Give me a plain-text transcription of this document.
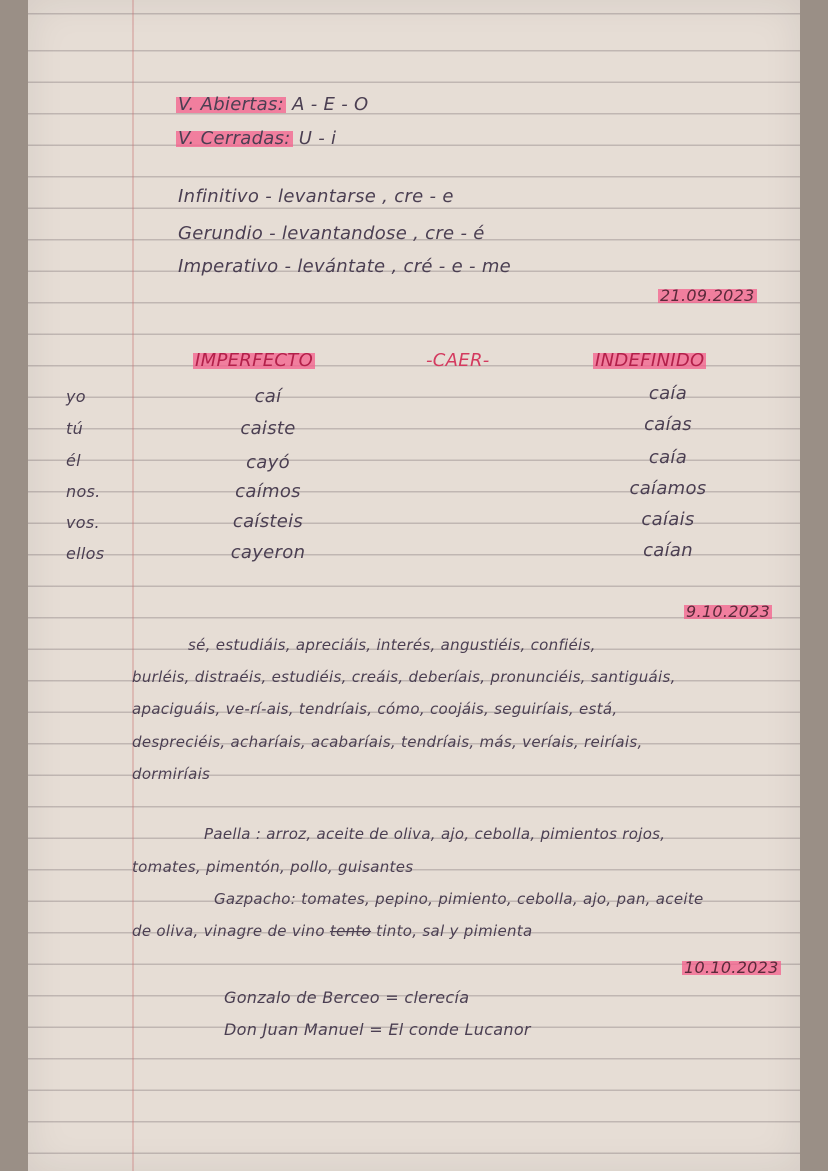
V. Abiertas: A - E - O
V. Cerradas: U - i
Infinitivo - levantarse , cre - e
Gerundio - levantandose , cre - é
Imperativo - levántate , cré - e - me
21.09.2023
IMPERFECTO	-CAER-	INDEFINIDO
yo	caí	caía
tú	caiste	caías
él	cayó	caía
nos.	caímos	caíamos
vos.	caísteis	caíais
ellos	cayeron	caían
9.10.2023
sé, estudiáis, apreciáis, interés, angustiéis, confiéis,
burléis, distraéis, estudiéis, creáis, deberíais, pronunciéis, santiguáis,
apaciguáis, ve-rí-ais, tendríais, cómo, coojáis, seguiríais, está,
despreciéis, acharíais, acabaríais, tendríais, más, veríais, reiríais,
dormiríais
Paella : arroz, aceite de oliva, ajo, cebolla, pimientos rojos,
tomates, pimentón, pollo, guisantes
Gazpacho: tomates, pepino, pimiento, cebolla, ajo, pan, aceite
de oliva, vinagre de vino tento tinto, sal y pimienta
10.10.2023
Gonzalo de Berceo = clerecía
Don Juan Manuel = El conde Lucanor
